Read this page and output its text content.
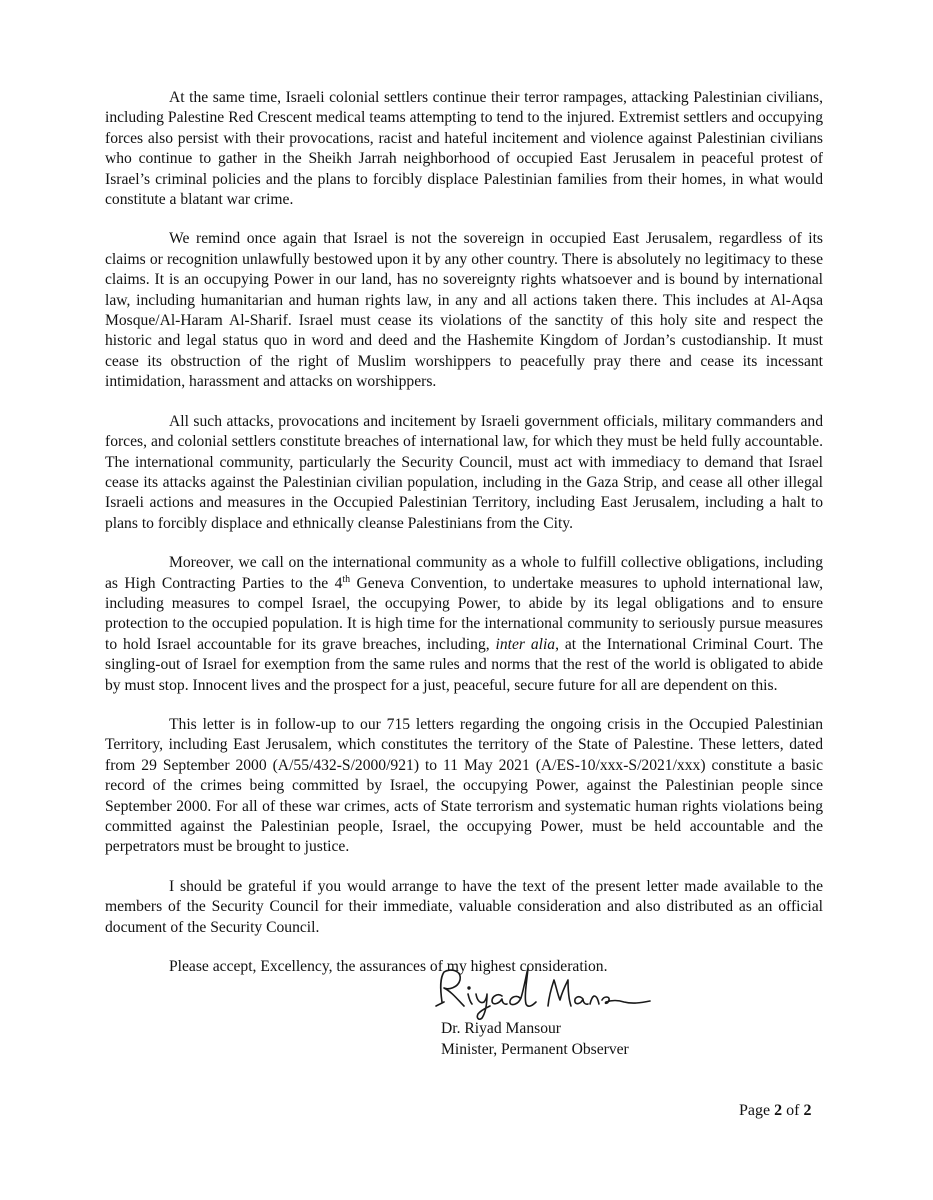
At the same time, Israeli colonial settlers continue their terror rampages, attacking Palestinian civilians, including Palestine Red Crescent medical teams attempting to tend to the injured. Extremist settlers and occupying forces also persist with their provocations, racist and hateful incitement and violence against Palestinian civilians who continue to gather in the Sheikh Jarrah neighborhood of occupied East Jerusalem in peaceful protest of Israel’s criminal policies and the plans to forcibly displace Palestinian families from their homes, in what would constitute a blatant war crime.

We remind once again that Israel is not the sovereign in occupied East Jerusalem, regardless of its claims or recognition unlawfully bestowed upon it by any other country. There is absolutely no legitimacy to these claims. It is an occupying Power in our land, has no sovereignty rights whatsoever and is bound by international law, including humanitarian and human rights law, in any and all actions taken there. This includes at Al-Aqsa Mosque/Al-Haram Al-Sharif. Israel must cease its violations of the sanctity of this holy site and respect the historic and legal status quo in word and deed and the Hashemite Kingdom of Jordan’s custodianship. It must cease its obstruction of the right of Muslim worshippers to peacefully pray there and cease its incessant intimidation, harassment and attacks on worshippers.

All such attacks, provocations and incitement by Israeli government officials, military commanders and forces, and colonial settlers constitute breaches of international law, for which they must be held fully accountable. The international community, particularly the Security Council, must act with immediacy to demand that Israel cease its attacks against the Palestinian civilian population, including in the Gaza Strip, and cease all other illegal Israeli actions and measures in the Occupied Palestinian Territory, including East Jerusalem, including a halt to plans to forcibly displace and ethnically cleanse Palestinians from the City.

Moreover, we call on the international community as a whole to fulfill collective obligations, including as High Contracting Parties to the 4th Geneva Convention, to undertake measures to uphold international law, including measures to compel Israel, the occupying Power, to abide by its legal obligations and to ensure protection to the occupied population. It is high time for the international community to seriously pursue measures to hold Israel accountable for its grave breaches, including, inter alia, at the International Criminal Court. The singling-out of Israel for exemption from the same rules and norms that the rest of the world is obligated to abide by must stop. Innocent lives and the prospect for a just, peaceful, secure future for all are dependent on this.

This letter is in follow-up to our 715 letters regarding the ongoing crisis in the Occupied Palestinian Territory, including East Jerusalem, which constitutes the territory of the State of Palestine. These letters, dated from 29 September 2000 (A/55/432-S/2000/921) to 11 May 2021 (A/ES-10/xxx-S/2021/xxx) constitute a basic record of the crimes being committed by Israel, the occupying Power, against the Palestinian people since September 2000. For all of these war crimes, acts of State terrorism and systematic human rights violations being committed against the Palestinian people, Israel, the occupying Power, must be held accountable and the perpetrators must be brought to justice.

I should be grateful if you would arrange to have the text of the present letter made available to the members of the Security Council for their immediate, valuable consideration and also distributed as an official document of the Security Council.

Please accept, Excellency, the assurances of my highest consideration.

Dr. Riyad Mansour
Minister, Permanent Observer
Page 2 of 2
